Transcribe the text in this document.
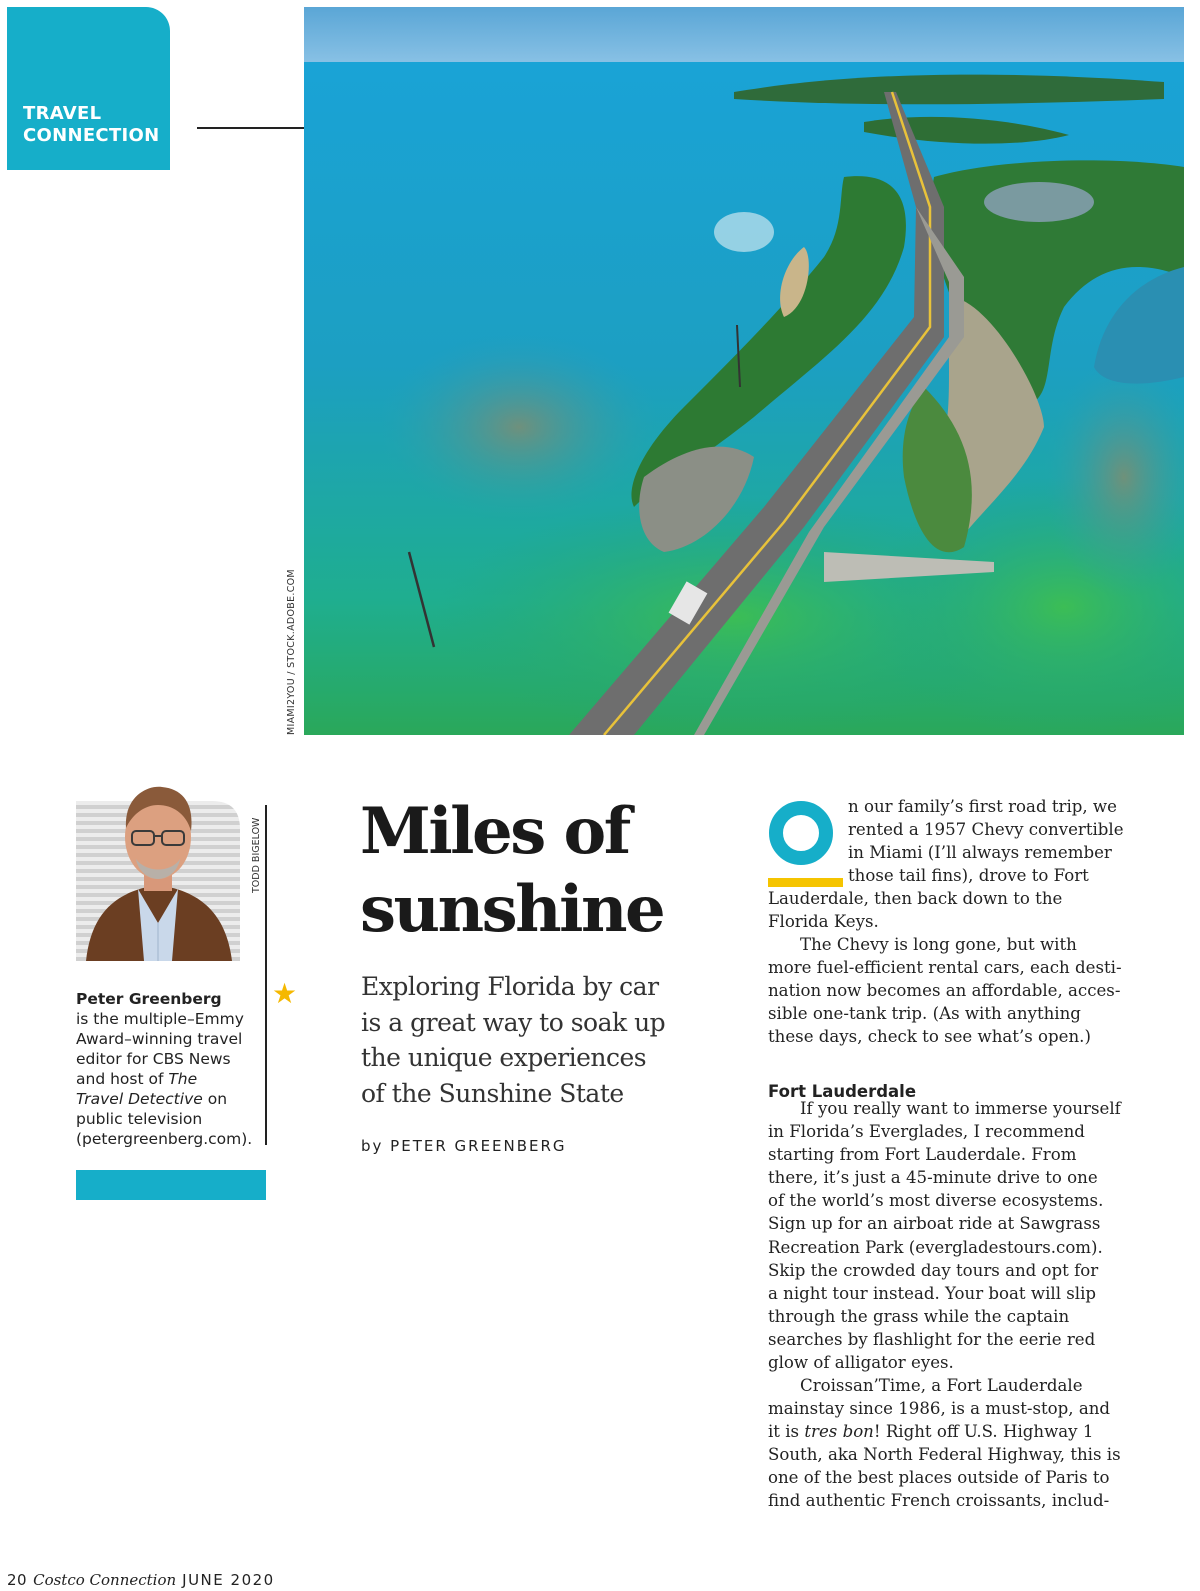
TRAVEL
CONNECTION
MIAMI2YOU / STOCK.ADOBE.COM
TODD BIGELOW
★
Peter Greenberg
is the multiple–Emmy
Award–winning travel
editor for CBS News
and host of The
Travel Detective on
public television
(petergreenberg.com).
Miles of
sunshine
Exploring Florida by car
is a great way to soak up
the unique experiences
of the Sunshine State
by PETER GREENBERG
n our family’s first road trip, we
rented a 1957 Chevy convertible
in Miami (I’ll always remember
those tail fins), drove to Fort
Lauderdale, then back down to the
Florida Keys.
The Chevy is long gone, but with
more fuel-efficient rental cars, each desti-
nation now becomes an affordable, acces-
sible one-tank trip. (As with anything
these days, check to see what’s open.)
Fort Lauderdale
If you really want to immerse yourself
in Florida’s Everglades, I recommend
starting from Fort Lauderdale. From
there, it’s just a 45-minute drive to one
of the world’s most diverse ecosystems.
Sign up for an airboat ride at Sawgrass
Recreation Park (evergladestours.com).
Skip the crowded day tours and opt for
a night tour instead. Your boat will slip
through the grass while the captain
searches by flashlight for the eerie red
glow of alligator eyes.
Croissan’Time, a Fort Lauderdale
mainstay since 1986, is a must-stop, and
it is tres bon! Right off U.S. Highway 1
South, aka North Federal Highway, this is
one of the best places outside of Paris to
find authentic French croissants, includ-
20 Costco Connection JUNE 2020
